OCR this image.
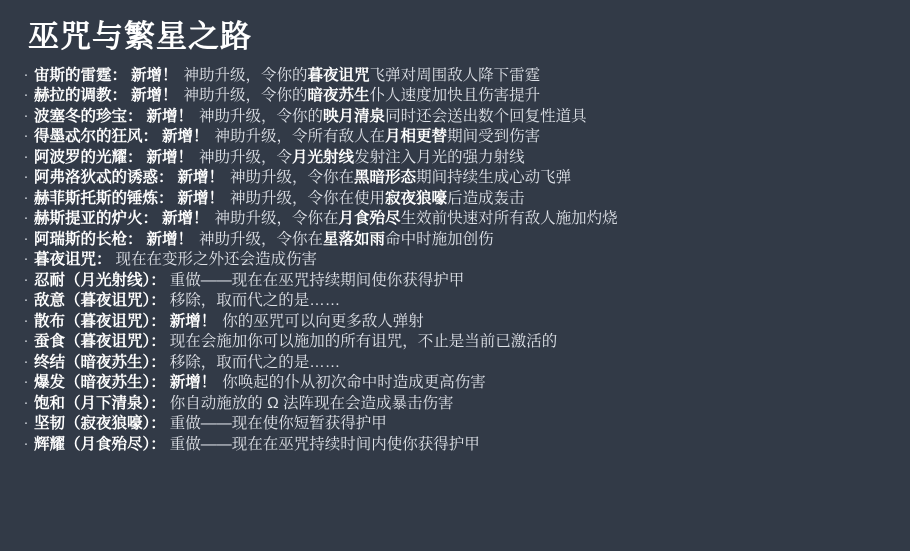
巫咒与繁星之路
· 宙斯的雷霆： 新增！ 神助升级，令你的暮夜诅咒飞弹对周围敌人降下雷霆
· 赫拉的调教： 新增！ 神助升级，令你的暗夜苏生仆人速度加快且伤害提升
· 波塞冬的珍宝： 新增！ 神助升级，令你的映月清泉同时还会送出数个回复性道具
· 得墨忒尔的狂风： 新增！ 神助升级，令所有敌人在月相更替期间受到伤害
· 阿波罗的光耀： 新增！ 神助升级，令月光射线发射注入月光的强力射线
· 阿弗洛狄忒的诱惑： 新增！ 神助升级，令你在黑暗形态期间持续生成心动飞弹
· 赫菲斯托斯的锤炼： 新增！ 神助升级，令你在使用寂夜狼嚎后造成轰击
· 赫斯提亚的炉火： 新增！ 神助升级，令你在月食殆尽生效前快速对所有敌人施加灼烧
· 阿瑞斯的长枪： 新增！ 神助升级，令你在星落如雨命中时施加创伤
· 暮夜诅咒： 现在在变形之外还会造成伤害
· 忍耐（月光射线）： 重做——现在在巫咒持续期间使你获得护甲
· 敌意（暮夜诅咒）： 移除，取而代之的是……
· 散布（暮夜诅咒）： 新增！ 你的巫咒可以向更多敌人弹射
· 蚕食（暮夜诅咒）： 现在会施加你可以施加的所有诅咒，不止是当前已激活的
· 终结（暗夜苏生）： 移除，取而代之的是……
· 爆发（暗夜苏生）： 新增！ 你唤起的仆从初次命中时造成更高伤害
· 饱和（月下清泉）： 你自动施放的 Ω 法阵现在会造成暴击伤害
· 坚韧（寂夜狼嚎）： 重做——现在使你短暂获得护甲
· 辉耀（月食殆尽）： 重做——现在在巫咒持续时间内使你获得护甲
